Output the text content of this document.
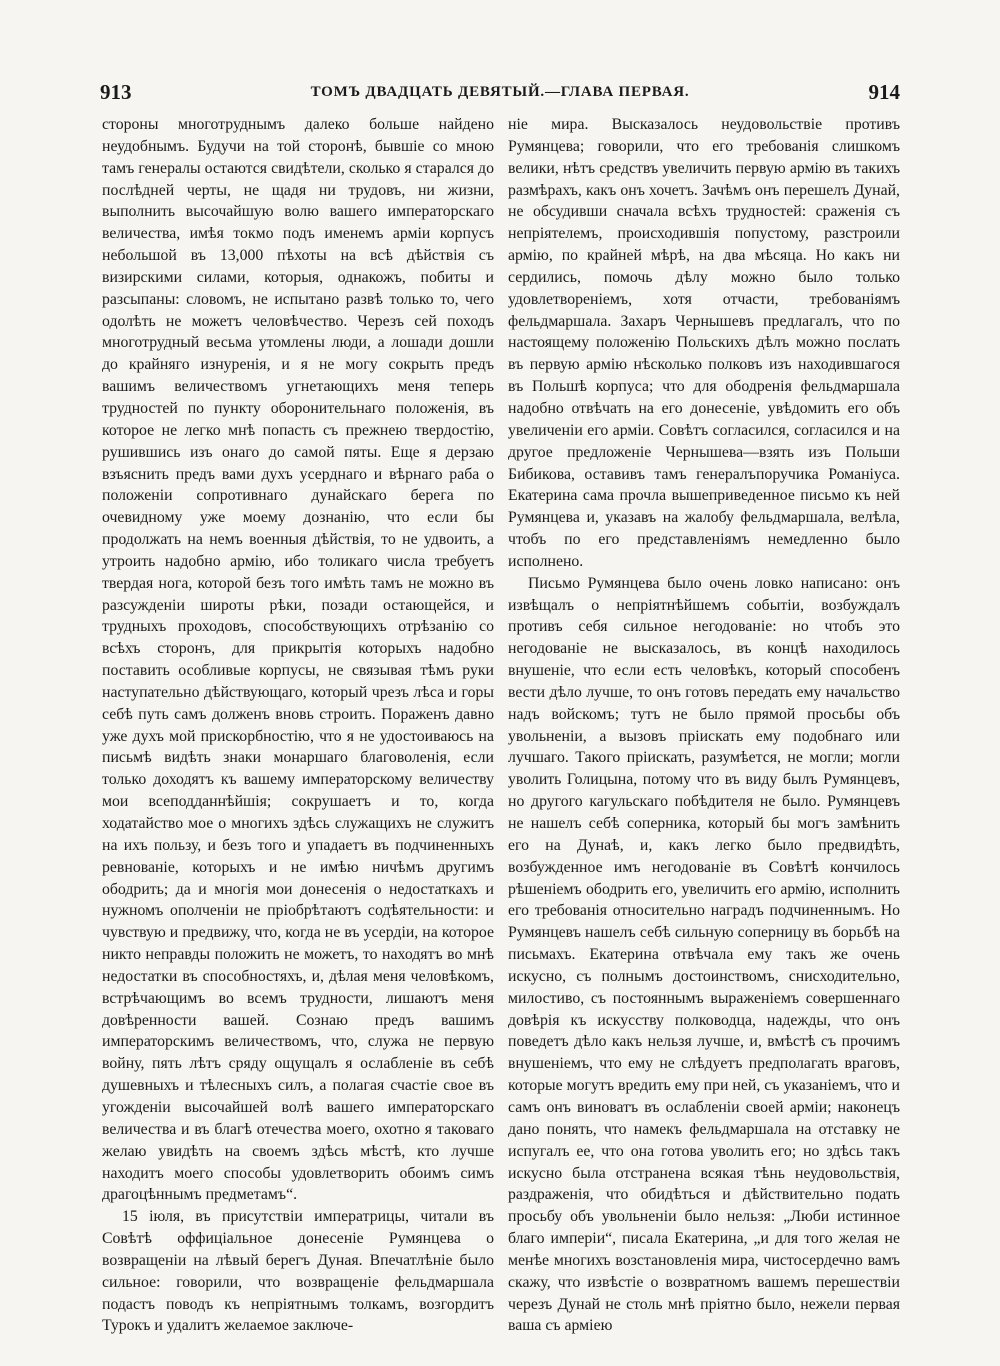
913	ТОМЪ ДВАДЦАТЬ ДЕВЯТЫЙ.—ГЛАВА ПЕРВАЯ.	914

стороны многотруднымъ далеко больше найдено неудобнымъ. Будучи на той сторонѣ, бывшіе со мною тамъ генералы остаются свидѣтели, сколько я старался до послѣдней черты, не щадя ни трудовъ, ни жизни, выполнить высочайшую волю вашего императорскаго величества, имѣя токмо подъ именемъ арміи корпусъ небольшой въ 13,000 пѣхоты на всѣ дѣйствія съ визирскими силами, которыя, однакожъ, побиты и разсыпаны: словомъ, не испытано развѣ только то, чего одолѣть не можетъ человѣчество. Черезъ сей походъ многотрудный весьма утомлены люди, а лошади дошли до крайняго изнуренія, и я не могу сокрыть предъ вашимъ величествомъ угнетающихъ меня теперь трудностей по пункту оборонительнаго положенія, въ которое не легко мнѣ попасть съ прежнею твердостію, рушившись изъ онаго до самой пяты. Еще я дерзаю взъяснить предъ вами духъ усерднаго и вѣрнаго раба о положеніи сопротивнаго дунайскаго берега по очевидному уже моему дознанію, что если бы продолжать на немъ военныя дѣйствія, то не удвоить, а утроить надобно армію, ибо толикаго числа требуетъ твердая нога, которой безъ того имѣть тамъ не можно въ разсужденіи широты рѣки, позади остающейся, и трудныхъ проходовъ, способствующихъ отрѣзанію со всѣхъ сторонъ, для прикрытія которыхъ надобно поставить особливые корпусы, не связывая тѣмъ руки наступательно дѣйствующаго, который чрезъ лѣса и горы себѣ путь самъ долженъ вновь строить. Пораженъ давно уже духъ мой прискорбностію, что я не удостоиваюсь на письмѣ видѣть знаки монаршаго благоволенія, если только доходятъ къ вашему императорскому величеству мои всеподданнѣйшія; сокрушаетъ и то, когда ходатайство мое о многихъ здѣсь служащихъ не служитъ на ихъ пользу, и безъ того и упадаетъ въ подчиненныхъ ревнованіе, которыхъ и не имѣю ничѣмъ другимъ ободрить; да и многія мои донесенія о недостаткахъ и нужномъ ополченіи не пріобрѣтаютъ содѣятельности: и чувствую и предвижу, что, когда не въ усердіи, на которое никто неправды положить не можетъ, то находятъ во мнѣ недостатки въ способностяхъ, и, дѣлая меня человѣкомъ, встрѣчающимъ во всемъ трудности, лишаютъ меня довѣренности вашей. Сознаю предъ вашимъ императорскимъ величествомъ, что, служа не первую войну, пять лѣтъ сряду ощущалъ я ослабленіе въ себѣ душевныхъ и тѣлесныхъ силъ, а полагая счастіе свое въ угожденіи высочайшей волѣ вашего императорскаго величества и въ благѣ отечества моего, охотно я таковаго желаю увидѣть на своемъ здѣсь мѣстѣ, кто лучше находитъ моего способы удовлетворить обоимъ симъ драгоцѣннымъ предметамъ“.

15 іюля, въ присутствіи императрицы, читали въ Совѣтѣ оффиціальное донесеніе Румянцева о возвращеніи на лѣвый берегъ Дуная. Впечатлѣніе было сильное: говорили, что возвращеніе фельдмаршала подастъ поводъ къ непріятнымъ толкамъ, возгордитъ Турокъ и удалитъ желаемое заключе-

ніе мира. Высказалось неудовольствіе противъ Румянцева; говорили, что его требованія слишкомъ велики, нѣтъ средствъ увеличить первую армію въ такихъ размѣрахъ, какъ онъ хочетъ. Зачѣмъ онъ перешелъ Дунай, не обсудивши сначала всѣхъ трудностей: сраженія съ непріятелемъ, происходившія попустому, разстроили армію, по крайней мѣрѣ, на два мѣсяца. Но какъ ни сердились, помочь дѣлу можно было только удовлетвореніемъ, хотя отчасти, требованіямъ фельдмаршала. Захаръ Чернышевъ предлагалъ, что по настоящему положенію Польскихъ дѣлъ можно послать въ первую армію нѣсколько полковъ изъ находившагося въ Польшѣ корпуса; что для ободренія фельдмаршала надобно отвѣчать на его донесеніе, увѣдомить его объ увеличеніи его арміи. Совѣтъ согласился, согласился и на другое предложеніе Чернышева—взять изъ Польши Бибикова, оставивъ тамъ генералъпоручика Романіуса. Екатерина сама прочла вышеприведенное письмо къ ней Румянцева и, указавъ на жалобу фельдмаршала, велѣла, чтобъ по его представленіямъ немедленно было исполнено.

Письмо Румянцева было очень ловко написано: онъ извѣщалъ о непріятнѣйшемъ событіи, возбуждалъ противъ себя сильное негодованіе: но чтобъ это негодованіе не высказалось, въ концѣ находилось внушеніе, что если есть человѣкъ, который способенъ вести дѣло лучше, то онъ готовъ передать ему начальство надъ войскомъ; тутъ не было прямой просьбы объ увольненіи, а вызовъ пріискать ему подобнаго или лучшаго. Такого пріискать, разумѣется, не могли; могли уволить Голицына, потому что въ виду былъ Румянцевъ, но другого кагульскаго побѣдителя не было. Румянцевъ не нашелъ себѣ соперника, который бы могъ замѣнить его на Дунаѣ, и, какъ легко было предвидѣть, возбужденное имъ негодованіе въ Совѣтѣ кончилось рѣшеніемъ ободрить его, увеличить его армію, исполнить его требованія относительно наградъ подчиненнымъ. Но Румянцевъ нашелъ себѣ сильную соперницу въ борьбѣ на письмахъ. Екатерина отвѣчала ему такъ же очень искусно, съ полнымъ достоинствомъ, снисходительно, милостиво, съ постояннымъ выраженіемъ совершеннаго довѣрія къ искусству полководца, надежды, что онъ поведетъ дѣло какъ нельзя лучше, и, вмѣстѣ съ прочимъ внушеніемъ, что ему не слѣдуетъ предполагать враговъ, которые могутъ вредить ему при ней, съ указаніемъ, что и самъ онъ виноватъ въ ослабленіи своей арміи; наконецъ дано понять, что намекъ фельдмаршала на отставку не испугалъ ее, что она готова уволить его; но здѣсь такъ искусно была отстранена всякая тѣнь неудовольствія, раздраженія, что обидѣться и дѣйствительно подать просьбу объ увольненіи было нельзя: „Люби истинное благо имперіи“, писала Екатерина, „и для того желая не менѣе многихъ возстановленія мира, чистосердечно вамъ скажу, что извѣстіе о возвратномъ вашемъ перешествіи черезъ Дунай не столь мнѣ пріятно было, нежели первая ваша съ арміею
